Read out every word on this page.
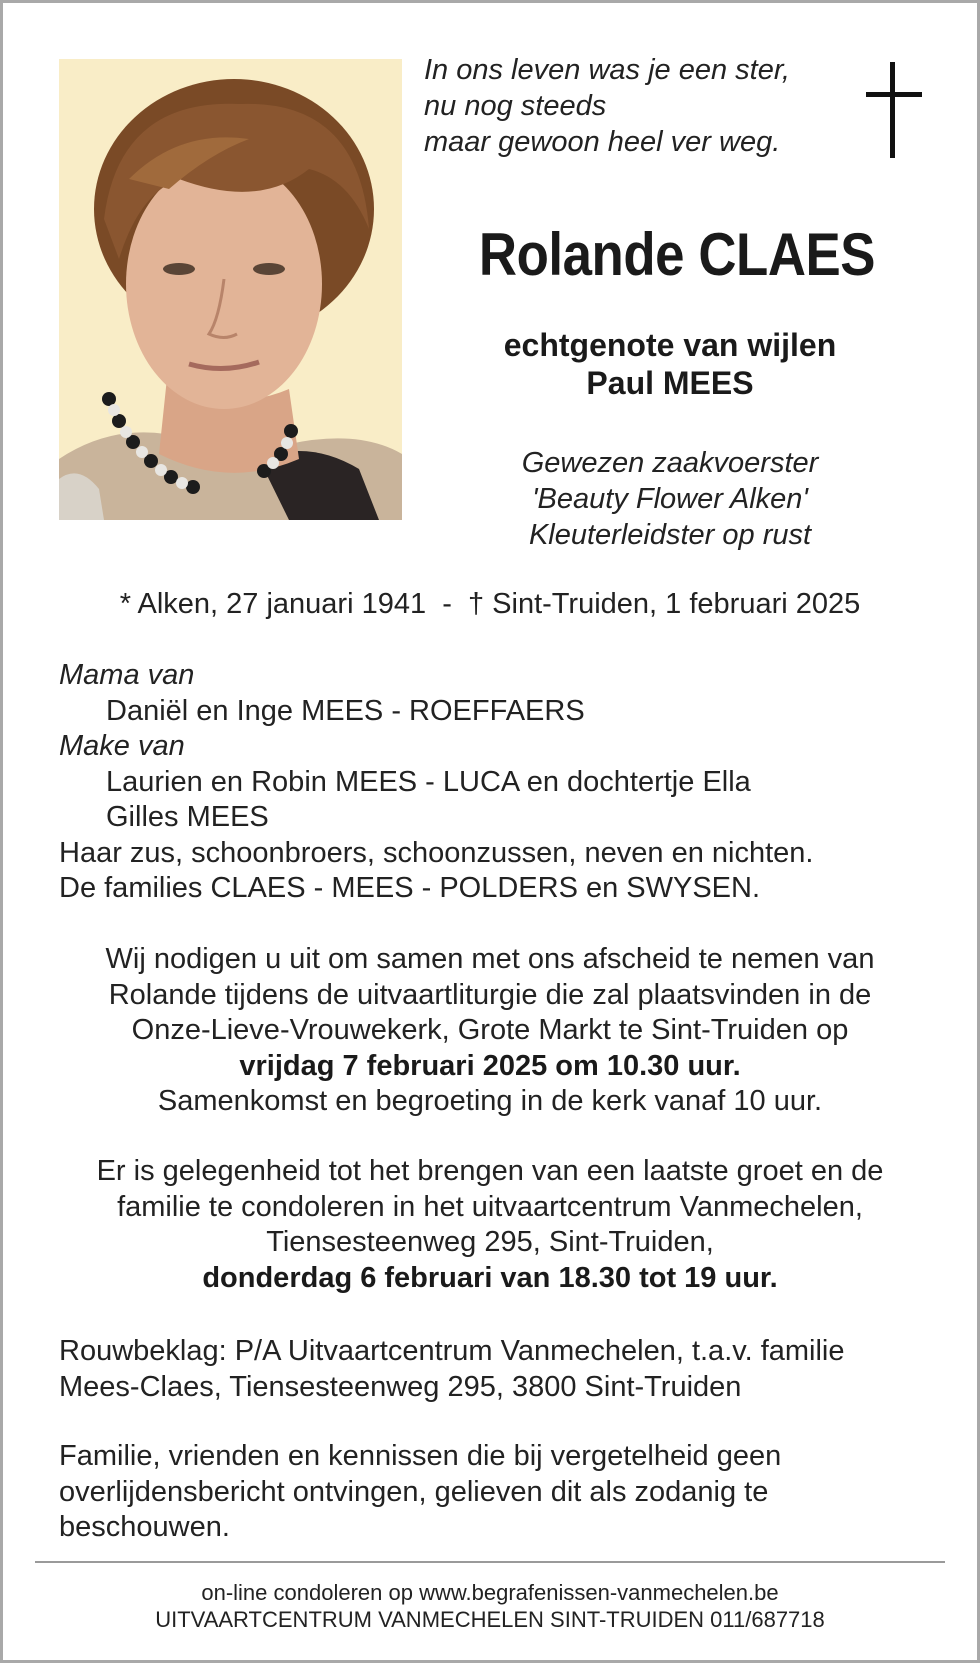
In ons leven was je een ster,
nu nog steeds
maar gewoon heel ver weg.
Rolande CLAES
echtgenote van wijlen
Paul MEES
Gewezen zaakvoerster
'Beauty Flower Alken'
Kleuterleidster op rust
* Alken, 27 januari 1941  -  † Sint-Truiden, 1 februari 2025
Mama van
Daniël en Inge MEES - ROEFFAERS
Make van
Laurien en Robin MEES - LUCA en dochtertje Ella
Gilles MEES
Haar zus, schoonbroers, schoonzussen, neven en nichten.
De families CLAES - MEES - POLDERS en SWYSEN.
Wij nodigen u uit om samen met ons afscheid te nemen van
Rolande tijdens de uitvaartliturgie die zal plaatsvinden in de
Onze-Lieve-Vrouwekerk, Grote Markt te Sint-Truiden op
vrijdag 7 februari 2025 om 10.30 uur.
Samenkomst en begroeting in de kerk vanaf 10 uur.
Er is gelegenheid tot het brengen van een laatste groet en de
familie te condoleren in het uitvaartcentrum Vanmechelen,
Tiensesteenweg 295, Sint-Truiden,
donderdag 6 februari van 18.30 tot 19 uur.
Rouwbeklag: P/A Uitvaartcentrum Vanmechelen, t.a.v. familie
Mees-Claes, Tiensesteenweg 295, 3800 Sint-Truiden
Familie, vrienden en kennissen die bij vergetelheid geen
overlijdensbericht ontvingen, gelieven dit als zodanig te
beschouwen.
on-line condoleren op www.begrafenissen-vanmechelen.be
UITVAARTCENTRUM VANMECHELEN SINT-TRUIDEN 011/687718
